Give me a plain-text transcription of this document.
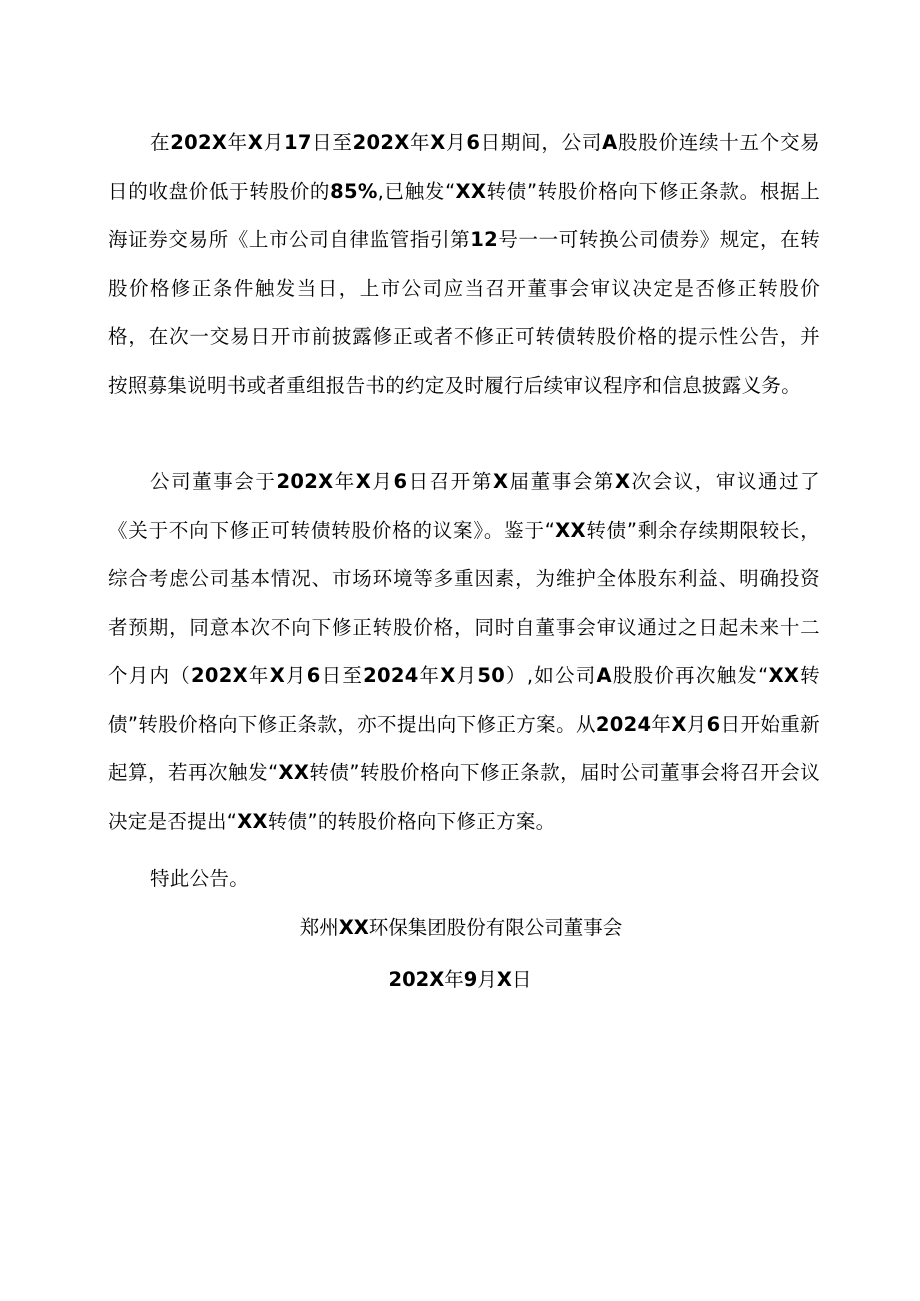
在202X年X月17日至202X年X月6日期间，公司A股股价连续十五个交易日的收盘价低于转股价的85%,已触发“XX转债”转股价格向下修正条款。根据上海证券交易所《上市公司自律监管指引第12号一一可转换公司债券》规定，在转股价格修正条件触发当日，上市公司应当召开董事会审议决定是否修正转股价格，在次一交易日开市前披露修正或者不修正可转债转股价格的提示性公告，并按照募集说明书或者重组报告书的约定及时履行后续审议程序和信息披露义务。

公司董事会于202X年X月6日召开第X届董事会第X次会议，审议通过了《关于不向下修正可转债转股价格的议案》。鉴于“XX转债”剩余存续期限较长，综合考虑公司基本情况、市场环境等多重因素，为维护全体股东利益、明确投资者预期，同意本次不向下修正转股价格，同时自董事会审议通过之日起未来十二个月内（202X年X月6日至2024年X月50）,如公司A股股价再次触发“XX转债”转股价格向下修正条款，亦不提出向下修正方案。从2024年X月6日开始重新起算，若再次触发“XX转债”转股价格向下修正条款，届时公司董事会将召开会议决定是否提出“XX转债”的转股价格向下修正方案。

特此公告。

郑州XX环保集团股份有限公司董事会

202X年9月X日
